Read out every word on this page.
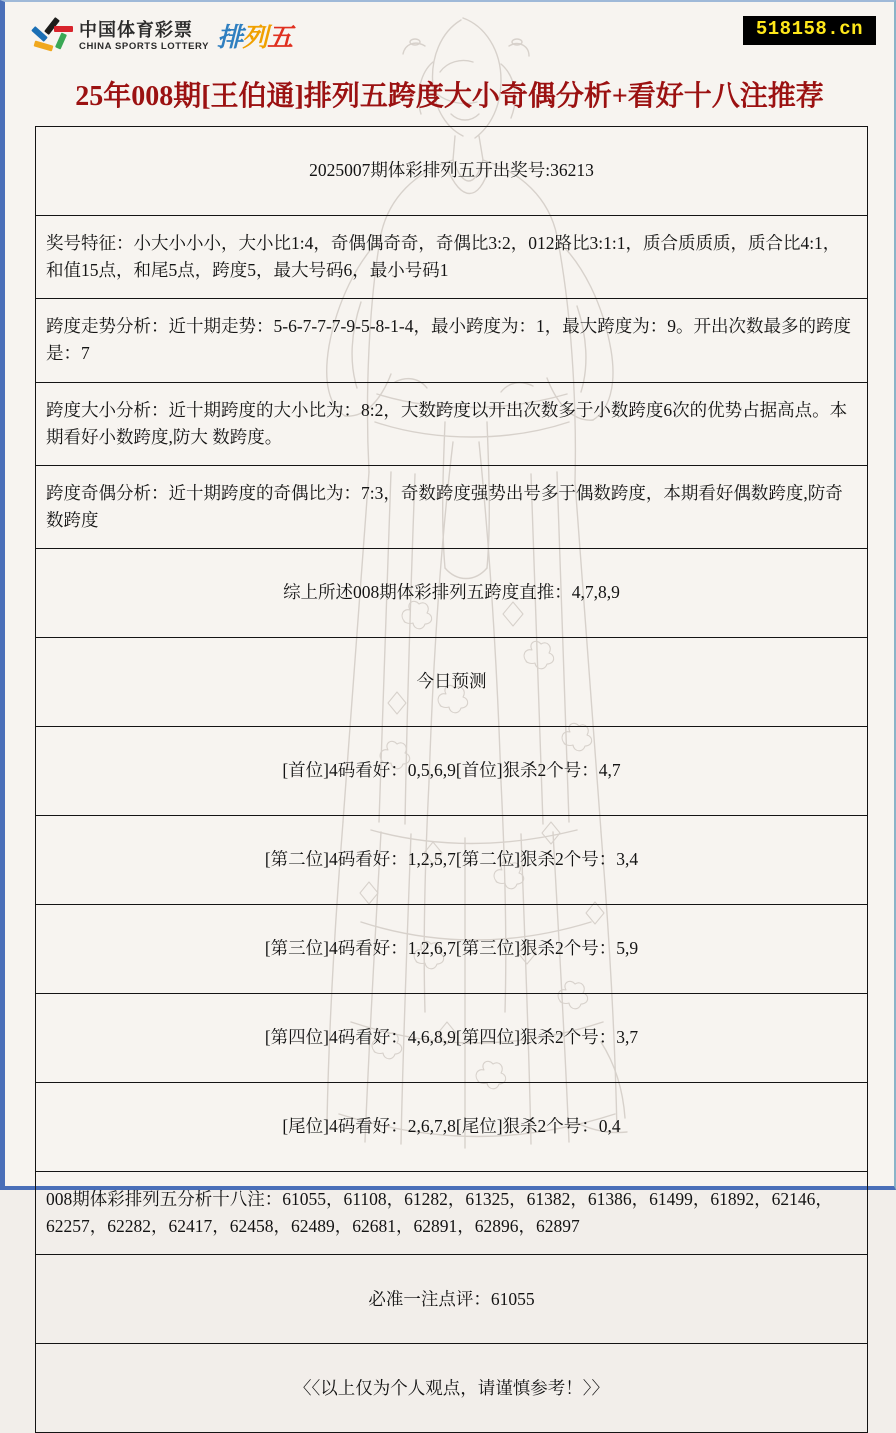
中国体育彩票
CHINA SPORTS LOTTERY 排列五	518158.cn
25年008期[王伯通]排列五跨度大小奇偶分析+看好十八注推荐
2025007期体彩排列五开出奖号:36213
奖号特征：小大小小小，大小比1:4，奇偶偶奇奇，奇偶比3:2，012路比3:1:1，质合质质质，质合比4:1，和值15点，和尾5点，跨度5，最大号码6，最小号码1
跨度走势分析：近十期走势：5-6-7-7-7-9-5-8-1-4，最小跨度为：1，最大跨度为：9。开出次数最多的跨度是：7
跨度大小分析：近十期跨度的大小比为：8:2，大数跨度以开出次数多于小数跨度6次的优势占据高点。本期看好小数跨度,防大 数跨度。
跨度奇偶分析：近十期跨度的奇偶比为：7:3，奇数跨度强势出号多于偶数跨度，本期看好偶数跨度,防奇 数跨度
综上所述008期体彩排列五跨度直推：4,7,8,9
今日预测
[首位]4码看好：0,5,6,9[首位]狠杀2个号：4,7
[第二位]4码看好：1,2,5,7[第二位]狠杀2个号：3,4
[第三位]4码看好：1,2,6,7[第三位]狠杀2个号：5,9
[第四位]4码看好：4,6,8,9[第四位]狠杀2个号：3,7
[尾位]4码看好：2,6,7,8[尾位]狠杀2个号：0,4
008期体彩排列五分析十八注：61055，61108，61282，61325，61382，61386，61499，61892，62146，62257，62282，62417，62458，62489，62681，62891，62896，62897
必准一注点评：61055
〈〈以上仅为个人观点，请谨慎参考！〉〉
